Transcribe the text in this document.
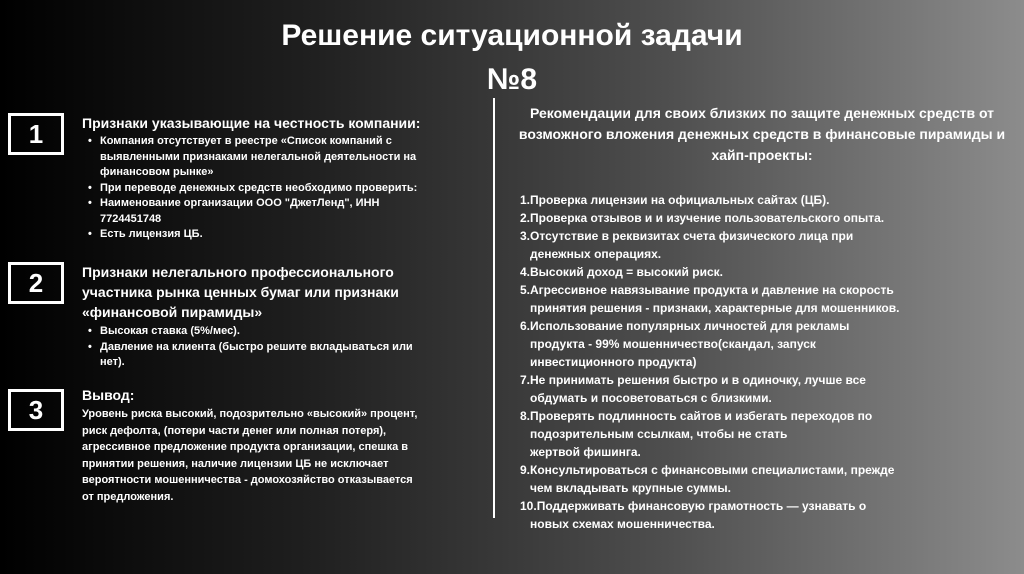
Решение ситуационной задачи
№8
1	Признаки указывающие на честность компании:
• Компания отсутствует в реестре «Список компаний с выявленными признаками нелегальной деятельности на финансовом рынке»
• При переводе денежных средств необходимо проверить:
• Наименование организации ООО "ДжетЛенд", ИНН 7724451748
• Есть лицензия ЦБ.
2	Признаки нелегального профессионального участника рынка ценных бумаг или признаки «финансовой пирамиды»
• Высокая ставка (5%/мес).
• Давление на клиента (быстро решите вкладываться или нет).
3	Вывод:
Уровень риска высокий, подозрительно «высокий» процент, риск дефолта, (потери части денег или полная потеря), агрессивное предложение продукта организации, спешка в принятии решения, наличие лицензии ЦБ не исключает вероятности мошенничества - домохозяйство отказывается от предложения.
Рекомендации для своих близких по защите денежных средств от возможного вложения денежных средств в финансовые пирамиды и хайп-проекты:
1.Проверка лицензии на официальных сайтах (ЦБ).
2.Проверка отзывов и и изучение пользовательского опыта.
3.Отсутствие в реквизитах счета физического лица при
денежных операциях.
4.Высокий доход = высокий риск.
5.Агрессивное навязывание продукта и давление на скорость
принятия решения - признаки, характерные для мошенников.
6.Использование популярных личностей для рекламы
продукта - 99% мошенничество(скандал, запуск инвестиционного продукта)
7.Не принимать решения быстро и в одиночку, лучше все
обдумать и посоветоваться с близкими.
8.Проверять подлинность сайтов и избегать переходов по
подозрительным ссылкам, чтобы не стать жертвой фишинга.
9.Консультироваться с финансовыми специалистами, прежде
чем вкладывать крупные суммы.
10.Поддерживать финансовую грамотность — узнавать о
новых схемах мошенничества.
